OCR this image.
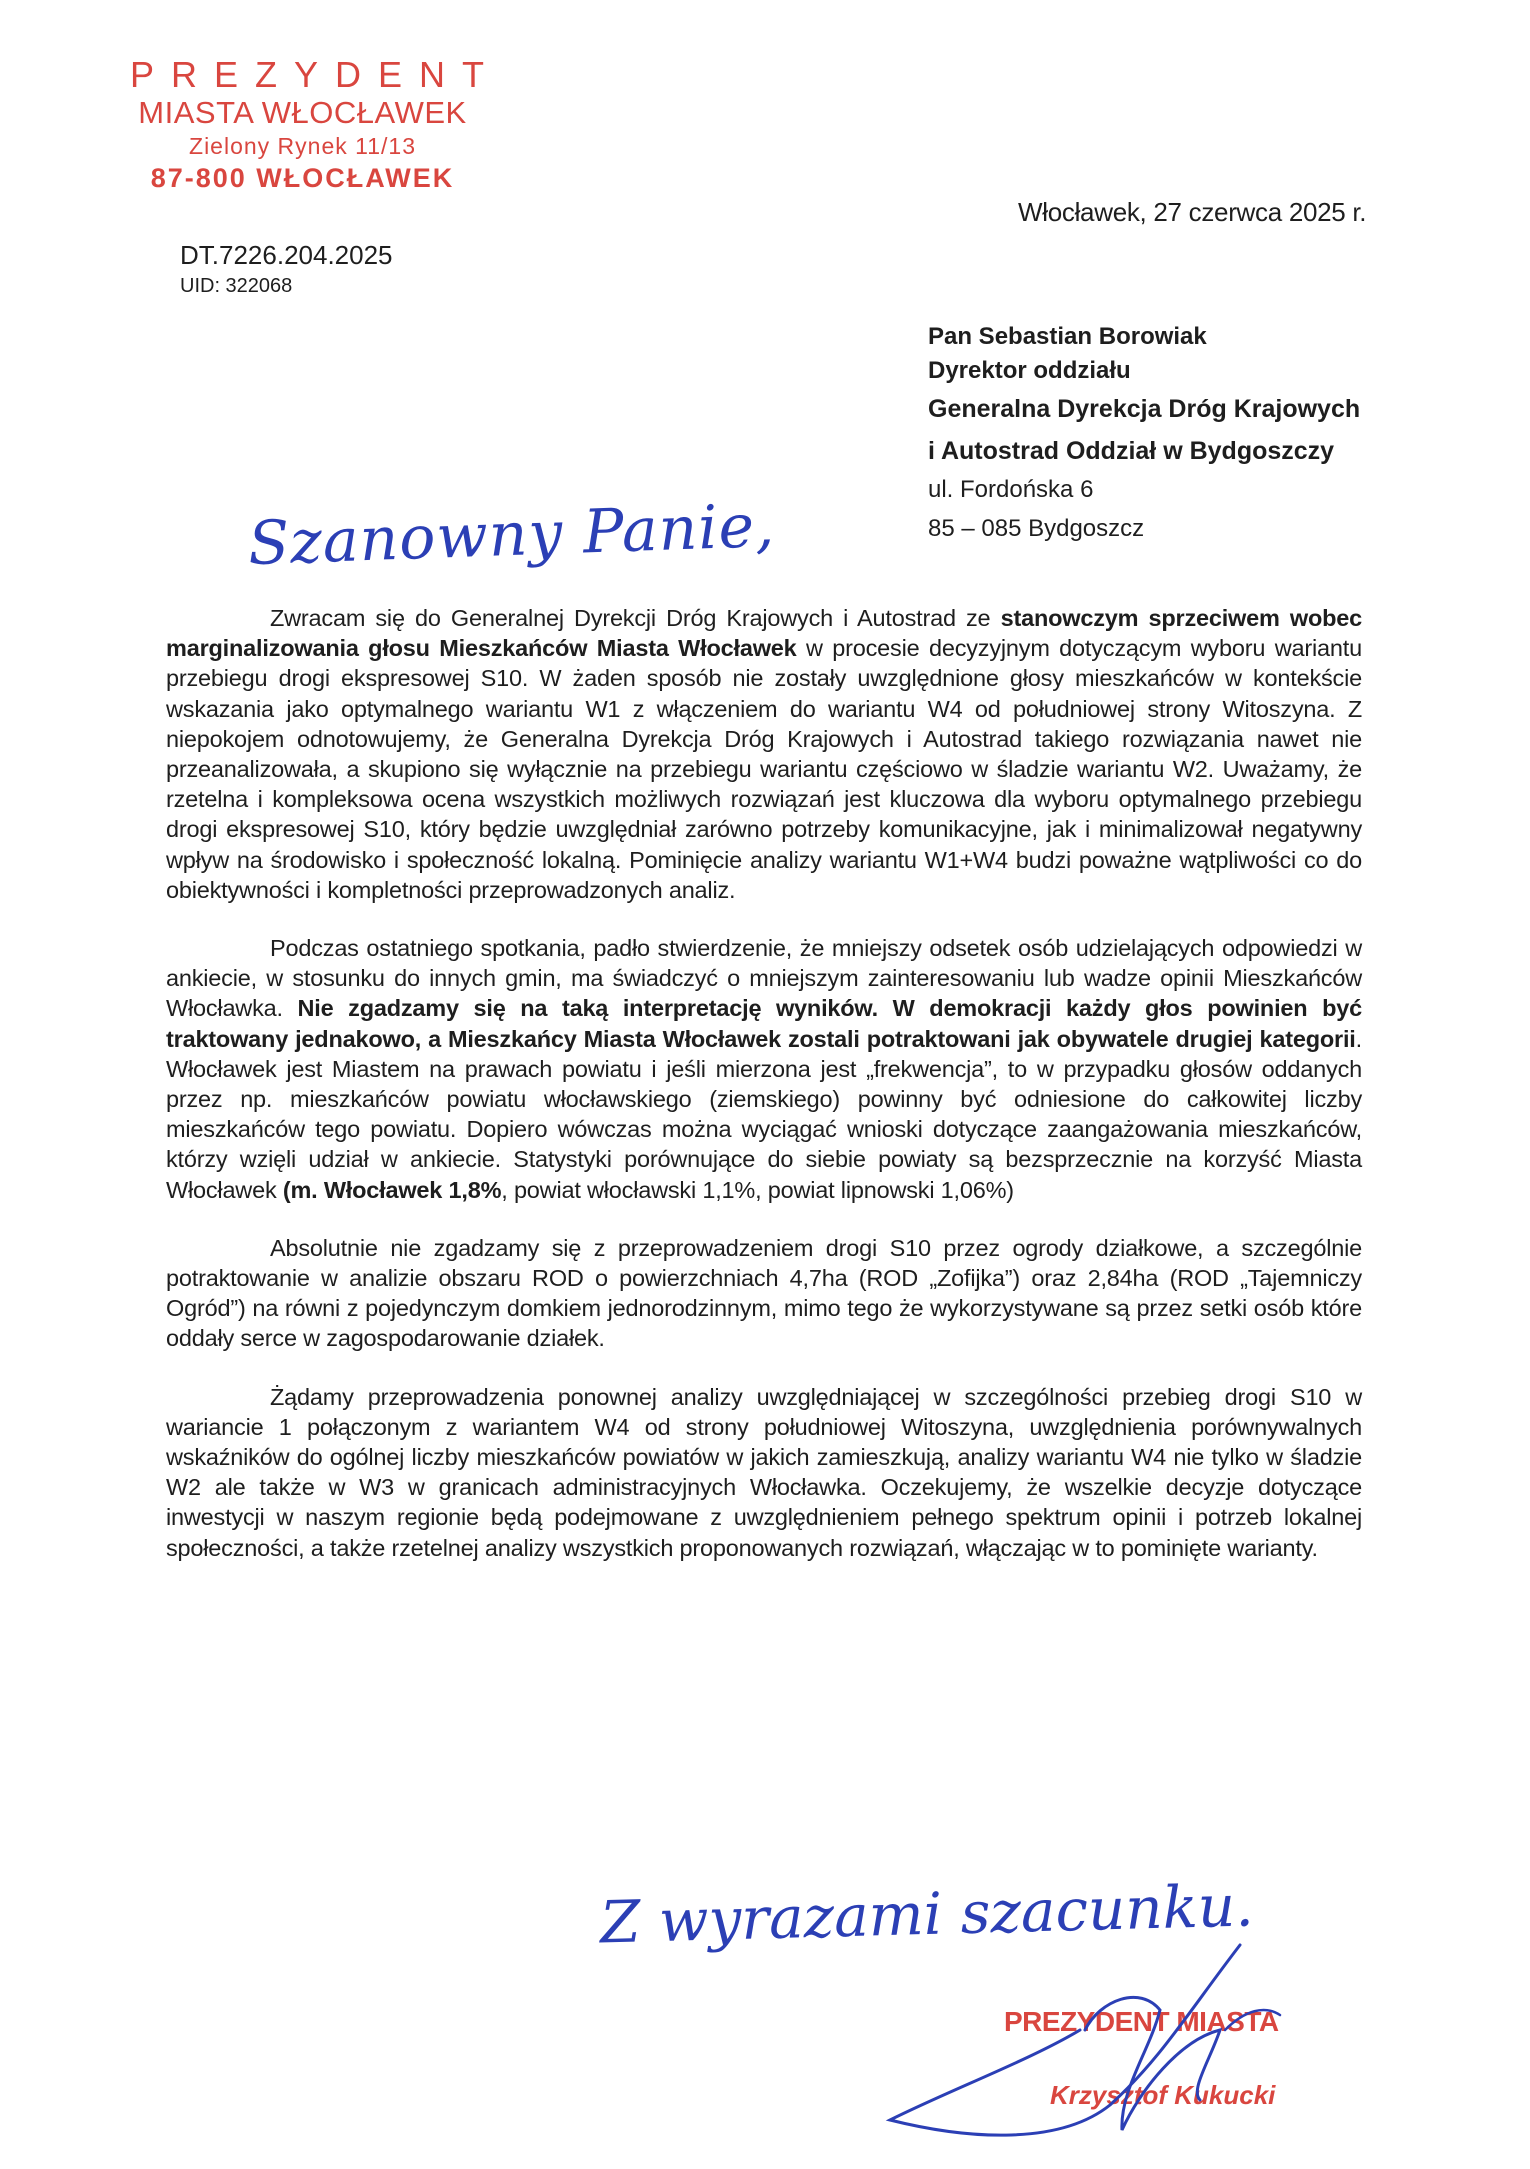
PREZYDENT
MIASTA WŁOCŁAWEK
Zielony Rynek 11/13
87-800 WŁOCŁAWEK
Włocławek, 27 czerwca 2025 r.
DT.7226.204.2025
UID: 322068
Pan Sebastian Borowiak
Dyrektor oddziału
Generalna Dyrekcja Dróg Krajowych
i Autostrad Oddział w Bydgoszczy
ul. Fordońska 6
85 – 085 Bydgoszcz
Szanowny Panie,

Zwracam się do Generalnej Dyrekcji Dróg Krajowych i Autostrad ze stanowczym sprzeciwem wobec marginalizowania głosu Mieszkańców Miasta Włocławek w procesie decyzyjnym dotyczącym wyboru wariantu przebiegu drogi ekspresowej S10. W żaden sposób nie zostały uwzględnione głosy mieszkańców w kontekście wskazania jako optymalnego wariantu W1 z włączeniem do wariantu W4 od południowej strony Witoszyna. Z niepokojem odnotowujemy, że Generalna Dyrekcja Dróg Krajowych i Autostrad takiego rozwiązania nawet nie przeanalizowała, a skupiono się wyłącznie na przebiegu wariantu częściowo w śladzie wariantu W2. Uważamy, że rzetelna i kompleksowa ocena wszystkich możliwych rozwiązań jest kluczowa dla wyboru optymalnego przebiegu drogi ekspresowej S10, który będzie uwzględniał zarówno potrzeby komunikacyjne, jak i minimalizował negatywny wpływ na środowisko i społeczność lokalną. Pominięcie analizy wariantu W1+W4 budzi poważne wątpliwości co do obiektywności i kompletności przeprowadzonych analiz.

Podczas ostatniego spotkania, padło stwierdzenie, że mniejszy odsetek osób udzielających odpowiedzi w ankiecie, w stosunku do innych gmin, ma świadczyć o mniejszym zainteresowaniu lub wadze opinii Mieszkańców Włocławka. Nie zgadzamy się na taką interpretację wyników. W demokracji każdy głos powinien być traktowany jednakowo, a Mieszkańcy Miasta Włocławek zostali potraktowani jak obywatele drugiej kategorii. Włocławek jest Miastem na prawach powiatu i jeśli mierzona jest „frekwencja”, to w przypadku głosów oddanych przez np. mieszkańców powiatu włocławskiego (ziemskiego) powinny być odniesione do całkowitej liczby mieszkańców tego powiatu. Dopiero wówczas można wyciągać wnioski dotyczące zaangażowania mieszkańców, którzy wzięli udział w ankiecie. Statystyki porównujące do siebie powiaty są bezsprzecznie na korzyść Miasta Włocławek (m. Włocławek 1,8%, powiat włocławski 1,1%, powiat lipnowski 1,06%)

Absolutnie nie zgadzamy się z przeprowadzeniem drogi S10 przez ogrody działkowe, a szczególnie potraktowanie w analizie obszaru ROD o powierzchniach 4,7ha (ROD „Zofijka”) oraz 2,84ha (ROD „Tajemniczy Ogród”) na równi z pojedynczym domkiem jednorodzinnym, mimo tego że wykorzystywane są przez setki osób które oddały serce w zagospodarowanie działek.

Żądamy przeprowadzenia ponownej analizy uwzględniającej w szczególności przebieg drogi S10 w wariancie 1 połączonym z wariantem W4 od strony południowej Witoszyna, uwzględnienia porównywalnych wskaźników do ogólnej liczby mieszkańców powiatów w jakich zamieszkują, analizy wariantu W4 nie tylko w śladzie W2 ale także w W3 w granicach administracyjnych Włocławka. Oczekujemy, że wszelkie decyzje dotyczące inwestycji w naszym regionie będą podejmowane z uwzględnieniem pełnego spektrum opinii i potrzeb lokalnej społeczności, a także rzetelnej analizy wszystkich proponowanych rozwiązań, włączając w to pominięte warianty.

Z wyrazami szacunku.
PREZYDENT MIASTA
Krzysztof Kukucki
